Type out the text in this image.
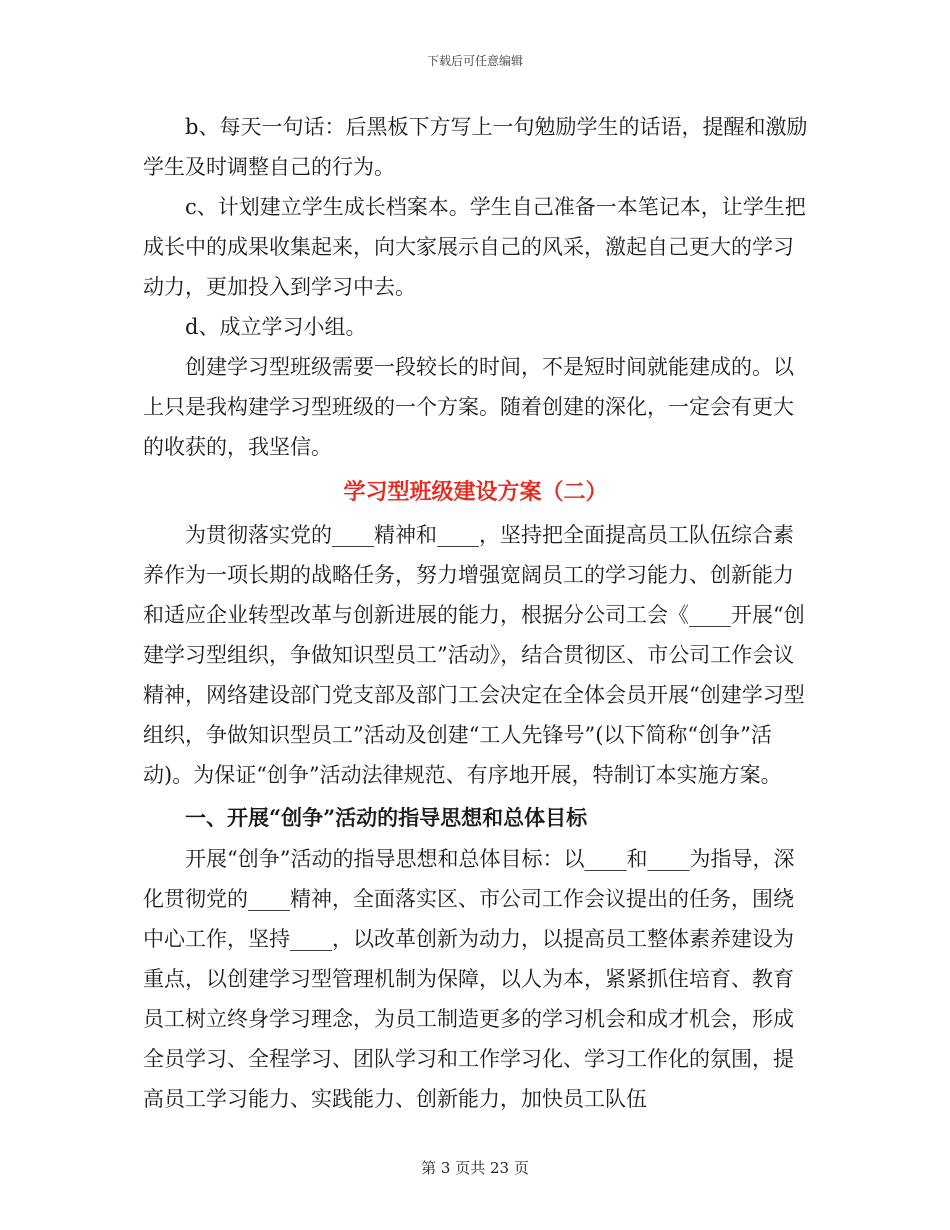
下载后可任意编辑

b、每天一句话：后黑板下方写上一句勉励学生的话语，提醒和激励学生及时调整自己的行为。

c、计划建立学生成长档案本。学生自己准备一本笔记本，让学生把成长中的成果收集起来，向大家展示自己的风采，激起自己更大的学习动力，更加投入到学习中去。

d、成立学习小组。

创建学习型班级需要一段较长的时间，不是短时间就能建成的。以上只是我构建学习型班级的一个方案。随着创建的深化，一定会有更大的收获的，我坚信。

学习型班级建设方案（二）

为贯彻落实党的____精神和____，坚持把全面提高员工队伍综合素养作为一项长期的战略任务，努力增强宽阔员工的学习能力、创新能力和适应企业转型改革与创新进展的能力，根据分公司工会《____开展“创建学习型组织，争做知识型员工”活动》，结合贯彻区、市公司工作会议精神，网络建设部门党支部及部门工会决定在全体会员开展“创建学习型组织，争做知识型员工”活动及创建“工人先锋号”(以下简称“创争”活动)。为保证“创争”活动法律规范、有序地开展，特制订本实施方案。

一、开展“创争”活动的指导思想和总体目标

开展“创争”活动的指导思想和总体目标：以____和____为指导，深化贯彻党的____精神，全面落实区、市公司工作会议提出的任务，围绕中心工作，坚持____，以改革创新为动力，以提高员工整体素养建设为重点，以创建学习型管理机制为保障，以人为本，紧紧抓住培育、教育员工树立终身学习理念，为员工制造更多的学习机会和成才机会，形成全员学习、全程学习、团队学习和工作学习化、学习工作化的氛围，提高员工学习能力、实践能力、创新能力，加快员工队伍

第 3 页共 23 页
